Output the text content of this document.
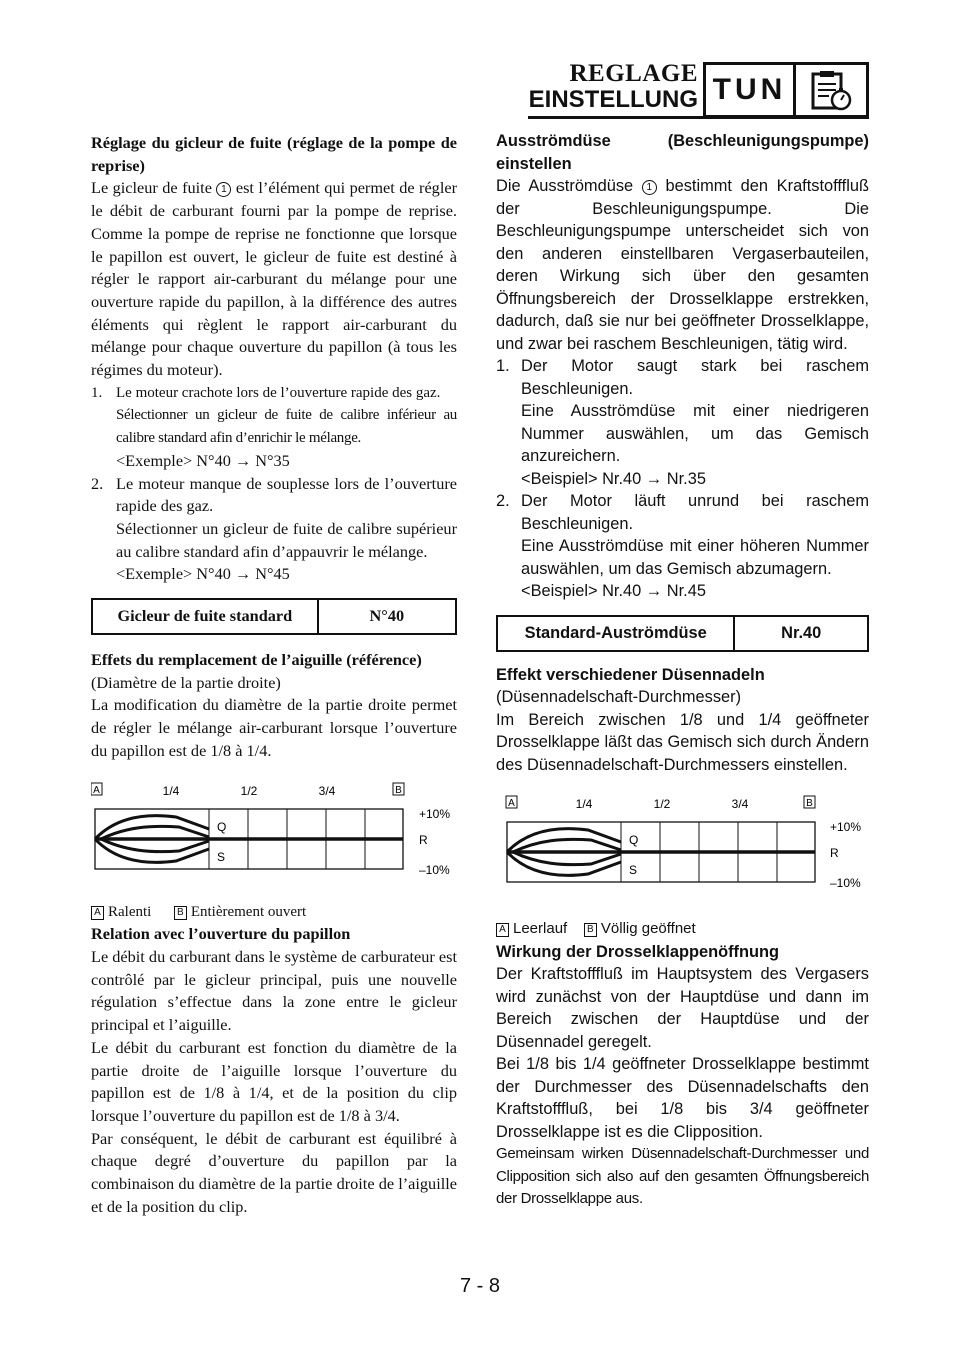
REGLAGE
EINSTELLUNG TUN

Réglage du gicleur de fuite (réglage de la pompe de reprise)

Le gicleur de fuite 1 est l’élément qui permet de régler le débit de carburant fourni par la pompe de reprise. Comme la pompe de reprise ne fonctionne que lorsque le papillon est ouvert, le gicleur de fuite est destiné à régler le rapport air-carburant du mélange pour une ouverture rapide du papillon, à la différence des autres éléments qui règlent le rapport air-carburant du mélange pour chaque ouverture du papillon (à tous les régimes du moteur).

1. Le moteur crachote lors de l’ouverture rapide des gaz.

Sélectionner un gicleur de fuite de calibre inférieur au calibre standard afin d’enrichir le mélange.

<Exemple> N°40 → N°35

2. Le moteur manque de souplesse lors de l’ouverture rapide des gaz.

Sélectionner un gicleur de fuite de calibre supérieur au calibre standard afin d’appauvrir le mélange.

<Exemple> N°40 → N°45

Gicleur de fuite standard	N°40

Effets du remplacement de l’aiguille (référence)

(Diamètre de la partie droite)

La modification du diamètre de la partie droite permet de régler le mélange air-carburant lorsque l’ouverture du papillon est de 1/8 à 1/4.

A	B
1/4	1/2	3/4
Q
S
+10%
R
–10%

A Ralenti	B Entièrement ouvert

Relation avec l’ouverture du papillon

Le débit du carburant dans le système de carburateur est contrôlé par le gicleur principal, puis une nouvelle régulation s’effectue dans la zone entre le gicleur principal et l’aiguille.

Le débit du carburant est fonction du diamètre de la partie droite de l’aiguille lorsque l’ouverture du papillon est de 1/8 à 1/4, et de la position du clip lorsque l’ouverture du papillon est de 1/8 à 3/4.

Par conséquent, le débit de carburant est équilibré à chaque degré d’ouverture du papillon par la combinaison du diamètre de la partie droite de l’aiguille et de la position du clip.

Ausströmdüse (Beschleunigungspumpe) einstellen

Die Ausströmdüse 1 bestimmt den Kraftstofffluß der Beschleunigungspumpe. Die Beschleunigungspumpe unterscheidet sich von den anderen einstellbaren Vergaserbauteilen, deren Wirkung sich über den gesamten Öffnungsbereich der Drosselklappe erstrekken, dadurch, daß sie nur bei geöffneter Drosselklappe, und zwar bei raschem Beschleunigen, tätig wird.

1. Der Motor saugt stark bei raschem Beschleunigen.

Eine Ausströmdüse mit einer niedrigeren Nummer auswählen, um das Gemisch anzureichern.

<Beispiel> Nr.40 → Nr.35

2. Der Motor läuft unrund bei raschem Beschleunigen.

Eine Ausströmdüse mit einer höheren Nummer auswählen, um das Gemisch abzumagern.

<Beispiel> Nr.40 → Nr.45

Standard-Auströmdüse	Nr.40

Effekt verschiedener Düsennadeln

(Düsennadelschaft-Durchmesser)

Im Bereich zwischen 1/8 und 1/4 geöffneter Drosselklappe läßt das Gemisch sich durch Ändern des Düsennadelschaft-Durchmessers einstellen.

A	B
1/4	1/2	3/4
Q
S
+10%
R
–10%

A Leerlauf B Völlig geöffnet

Wirkung der Drosselklappenöffnung

Der Kraftstofffluß im Hauptsystem des Vergasers wird zunächst von der Hauptdüse und dann im Bereich zwischen der Hauptdüse und der Düsennadel geregelt.

Bei 1/8 bis 1/4 geöffneter Drosselklappe bestimmt der Durchmesser des Düsennadelschafts den Kraftstofffluß, bei 1/8 bis 3/4 geöffneter Drosselklappe ist es die Clipposition.

Gemeinsam wirken Düsennadelschaft-Durchmesser und Clipposition sich also auf den gesamten Öffnungsbereich der Drosselklappe aus.

7 - 8
